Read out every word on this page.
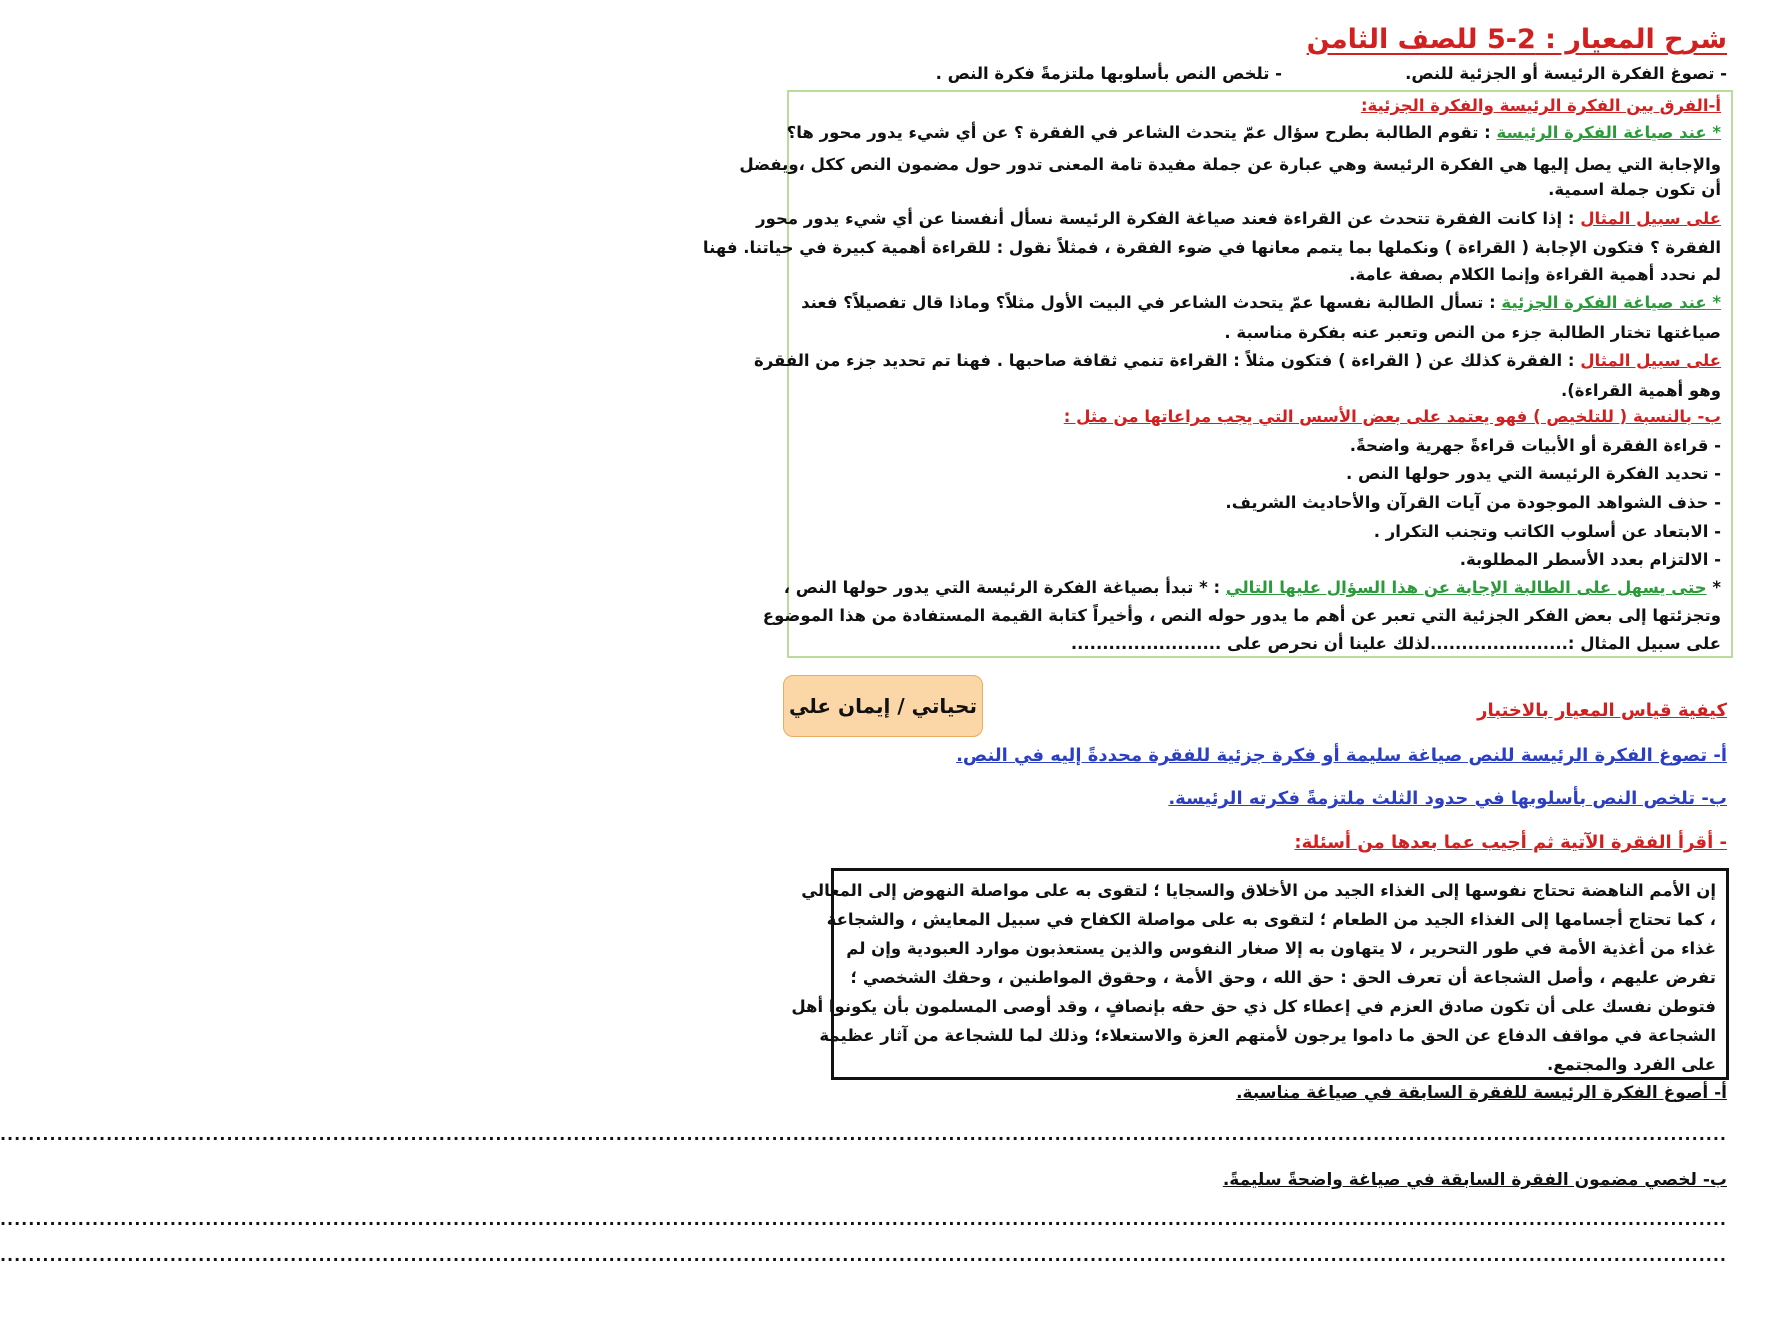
شرح المعيار : 2-5 للصف الثامن
- تصوغ الفكرة الرئيسة أو الجزئية للنص.
- تلخص النص بأسلوبها ملتزمةً فكرة النص .
أ-الفرق بين الفكرة الرئيسة والفكرة الجزئية:
* عند صياغة الفكرة الرئيسة : تقوم الطالبة بطرح سؤال عمّ يتحدث الشاعر في الفقرة ؟ عن أي شيء يدور محور ها؟
والإجابة التي يصل إليها هي الفكرة الرئيسة وهي عبارة عن جملة مفيدة تامة المعنى تدور حول مضمون النص ككل ،ويفضل
أن تكون جملة اسمية.
على سبيل المثال : إذا كانت الفقرة تتحدث عن القراءة فعند صياغة الفكرة الرئيسة نسأل أنفسنا عن أي شيء يدور محور
الفقرة ؟ فتكون الإجابة ( القراءة ) ونكملها بما يتمم معانها في ضوء الفقرة ، فمثلاً نقول : للقراءة أهمية كبيرة في حياتنا. فهنا
لم نحدد أهمية القراءة وإنما الكلام بصفة عامة.
* عند صياغة الفكرة الجزئية : تسأل الطالبة نفسها عمّ يتحدث الشاعر في البيت الأول مثلاً؟ وماذا قال تفصيلاً؟ فعند
صياغتها تختار الطالبة جزء من النص وتعبر عنه بفكرة مناسبة .
على سبيل المثال : الفقرة كذلك عن ( القراءة ) فتكون مثلاً : القراءة تنمي ثقافة صاحبها . فهنا تم تحديد جزء من الفقرة
وهو أهمية القراءة).
ب- بالنسبة ( للتلخيص ) فهو يعتمد على بعض الأسس التي يجب مراعاتها من مثل :
- قراءة الفقرة أو الأبيات قراءةً جهرية واضحةً.
- تحديد الفكرة الرئيسة التي يدور حولها النص .
- حذف الشواهد الموجودة من آيات القرآن والأحاديث الشريف.
- الابتعاد عن أسلوب الكاتب وتجنب التكرار .
- الالتزام بعدد الأسطر المطلوبة.
* حتى يسهل على الطالبة الإجابة عن هذا السؤال عليها التالي : * تبدأ بصياغة الفكرة الرئيسة التي يدور حولها النص ،
وتجزئتها إلى بعض الفكر الجزئية التي تعبر عن أهم ما يدور حوله النص ، وأخيراً كتابة القيمة المستفادة من هذا الموضوع
على سبيل المثال :......................لذلك علينا أن نحرص على ........................
تحياتي / إيمان علي	كيفية قياس المعيار بالاختبار
أ- تصوغ الفكرة الرئيسة للنص صياغة سليمة أو فكرة جزئية للفقرة محددةً إليه في النص.
ب- تلخص النص بأسلوبها في حدود الثلث ملتزمةً فكرته الرئيسة.
- أقرأ الفقرة الآتية ثم أجيب عما بعدها من أسئلة:
إن الأمم الناهضة تحتاج نفوسها إلى الغذاء الجيد من الأخلاق والسجايا ؛ لتقوى به على مواصلة النهوض إلى المعالي
، كما تحتاج أجسامها إلى الغذاء الجيد من الطعام ؛ لتقوى به على مواصلة الكفاح في سبيل المعايش ، والشجاعة
غذاء من أغذية الأمة في طور التحرير ، لا يتهاون به إلا صغار النفوس والذين يستعذبون موارد العبودية وإن لم
تفرض عليهم ، وأصل الشجاعة أن تعرف الحق : حق الله ، وحق الأمة ، وحقوق المواطنين ، وحقك الشخصي ؛
فتوطن نفسك على أن تكون صادق العزم في إعطاء كل ذي حق حقه بإنصافٍ ، وقد أوصى المسلمون بأن يكونوا أهل
الشجاعة في مواقف الدفاع عن الحق ما داموا يرجون لأمتهم العزة والاستعلاء؛ وذلك لما للشجاعة من آثار عظيمة
على الفرد والمجتمع.
أ- أصوغ الفكرة الرئيسة للفقرة السابقة في صياغة مناسبة.
....................................................................................................................................................................................................................................................
ب- لخصي مضمون الفقرة السابقة في صياغة واضحةً سليمةً.
....................................................................................................................................................................................................................................................
....................................................................................................................................................................................................................................................
